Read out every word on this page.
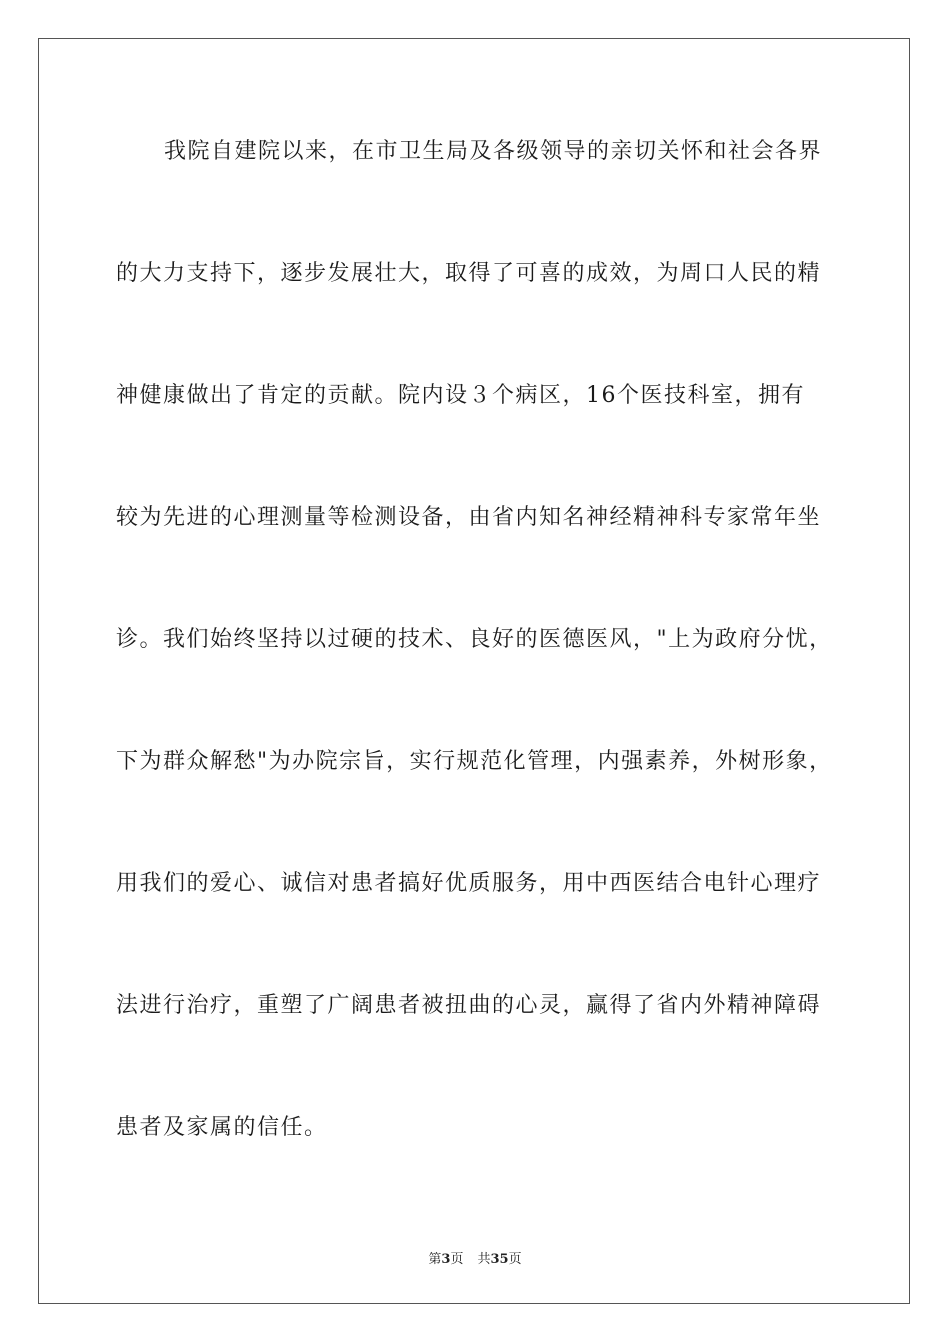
我院自建院以来，在市卫生局及各级领导的亲切关怀和社会各界
的大力支持下，逐步发展壮大，取得了可喜的成效，为周口人民的精
神健康做出了肯定的贡献。院内设３个病区，16个医技科室，拥有
较为先进的心理测量等检测设备，由省内知名神经精神科专家常年坐
诊。我们始终坚持以过硬的技术、良好的医德医风，"上为政府分忧，
下为群众解愁"为办院宗旨，实行规范化管理，内强素养，外树形象，
用我们的爱心、诚信对患者搞好优质服务，用中西医结合电针心理疗
法进行治疗，重塑了广阔患者被扭曲的心灵，赢得了省内外精神障碍
患者及家属的信任。
第3页 共35页
